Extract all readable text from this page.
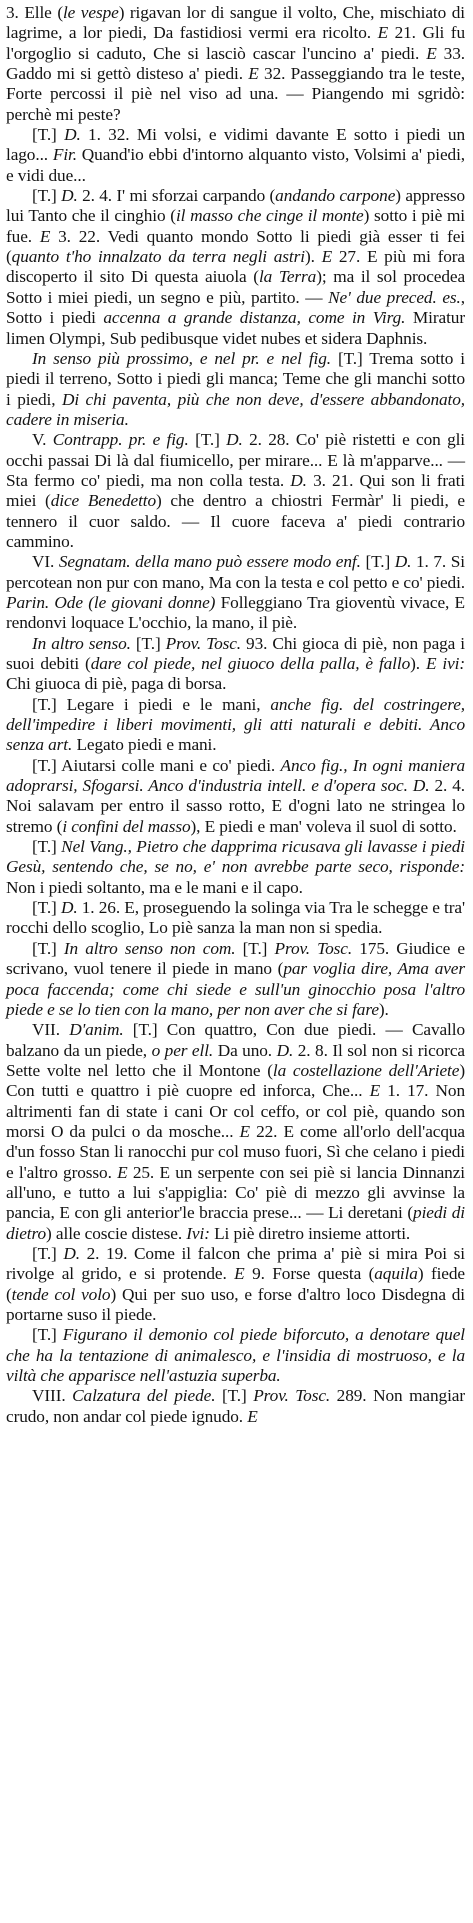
3. Elle (le vespe) rigavan lor di sangue il volto, Che, mischiato di lagrime, a lor piedi, Da fastidiosi vermi era ricolto. E 21. Gli fu l'orgoglio si caduto, Che si lasciò cascar l'uncino a' piedi. E 33. Gaddo mi si gettò disteso a' piedi. E 32. Passeggiando tra le teste, Forte percossi il piè nel viso ad una. — Piangendo mi sgridò: perchè mi peste?

[T.] D. 1. 32. Mi volsi, e vidimi davante E sotto i piedi un lago... Fir. Quand'io ebbi d'intorno alquanto visto, Volsimi a' piedi, e vidi due...

[T.] D. 2. 4. I' mi sforzai carpando (andando carpone) appresso lui Tanto che il cinghio (il masso che cinge il monte) sotto i piè mi fue. E 3. 22. Vedi quanto mondo Sotto li piedi già esser ti fei (quanto t'ho innalzato da terra negli astri). E 27. E più mi fora discoperto il sito Di questa aiuola (la Terra); ma il sol procedea Sotto i miei piedi, un segno e più, partito. — Ne' due preced. es., Sotto i piedi accenna a grande distanza, come in Virg. Miratur limen Olympi, Sub pedibusque videt nubes et sidera Daphnis.

In senso più prossimo, e nel pr. e nel fig. [T.] Trema sotto i piedi il terreno, Sotto i piedi gli manca; Teme che gli manchi sotto i piedi, Di chi paventa, più che non deve, d'essere abbandonato, cadere in miseria.

V. Contrapp. pr. e fig. [T.] D. 2. 28. Co' piè ristetti e con gli occhi passai Di là dal fiumicello, per mirare... E là m'apparve... — Sta fermo co' piedi, ma non colla testa. D. 3. 21. Qui son li frati miei (dice Benedetto) che dentro a chiostri Fermàr' li piedi, e tennero il cuor saldo. — Il cuore faceva a' piedi contrario cammino.

VI. Segnatam. della mano può essere modo enf. [T.] D. 1. 7. Si percotean non pur con mano, Ma con la testa e col petto e co' piedi. Parin. Ode (le giovani donne) Folleggiano Tra gioventù vivace, E rendonvi loquace L'occhio, la mano, il piè.

In altro senso. [T.] Prov. Tosc. 93. Chi gioca di piè, non paga i suoi debiti (dare col piede, nel giuoco della palla, è fallo). E ivi: Chi giuoca di piè, paga di borsa.

[T.] Legare i piedi e le mani, anche fig. del costringere, dell'impedire i liberi movimenti, gli atti naturali e debiti. Anco senza art. Legato piedi e mani.

[T.] Aiutarsi colle mani e co' piedi. Anco fig., In ogni maniera adoprarsi, Sfogarsi. Anco d'industria intell. e d'opera soc. D. 2. 4. Noi salavam per entro il sasso rotto, E d'ogni lato ne stringea lo stremo (i confini del masso), E piedi e man' voleva il suol di sotto.

[T.] Nel Vang., Pietro che dapprima ricusava gli lavasse i piedi Gesù, sentendo che, se no, e' non avrebbe parte seco, risponde: Non i piedi soltanto, ma e le mani e il capo.

[T.] D. 1. 26. E, proseguendo la solinga via Tra le schegge e tra' rocchi dello scoglio, Lo piè sanza la man non si spedia.

[T.] In altro senso non com. [T.] Prov. Tosc. 175. Giudice e scrivano, vuol tenere il piede in mano (par voglia dire, Ama aver poca faccenda; come chi siede e sull'un ginocchio posa l'altro piede e se lo tien con la mano, per non aver che si fare).

VII. D'anim. [T.] Con quattro, Con due piedi. — Cavallo balzano da un piede, o per ell. Da uno. D. 2. 8. Il sol non si ricorca Sette volte nel letto che il Montone (la costellazione dell'Ariete) Con tutti e quattro i piè cuopre ed inforca, Che... E 1. 17. Non altrimenti fan di state i cani Or col ceffo, or col piè, quando son morsi O da pulci o da mosche... E 22. E come all'orlo dell'acqua d'un fosso Stan li ranocchi pur col muso fuori, Sì che celano i piedi e l'altro grosso. E 25. E un serpente con sei piè si lancia Dinnanzi all'uno, e tutto a lui s'appiglia: Co' piè di mezzo gli avvinse la pancia, E con gli anterior'le braccia prese... — Li deretani (piedi di dietro) alle coscie distese. Ivi: Li piè diretro insieme attorti.

[T.] D. 2. 19. Come il falcon che prima a' piè si mira Poi si rivolge al grido, e si protende. E 9. Forse questa (aquila) fiede (tende col volo) Qui per suo uso, e forse d'altro loco Disdegna di portarne suso il piede.

[T.] Figurano il demonio col piede biforcuto, a denotare quel che ha la tentazione di animalesco, e l'insidia di mostruoso, e la viltà che apparisce nell'astuzia superba.

VIII. Calzatura del piede. [T.] Prov. Tosc. 289. Non mangiar crudo, non andar col piede ignudo. E
